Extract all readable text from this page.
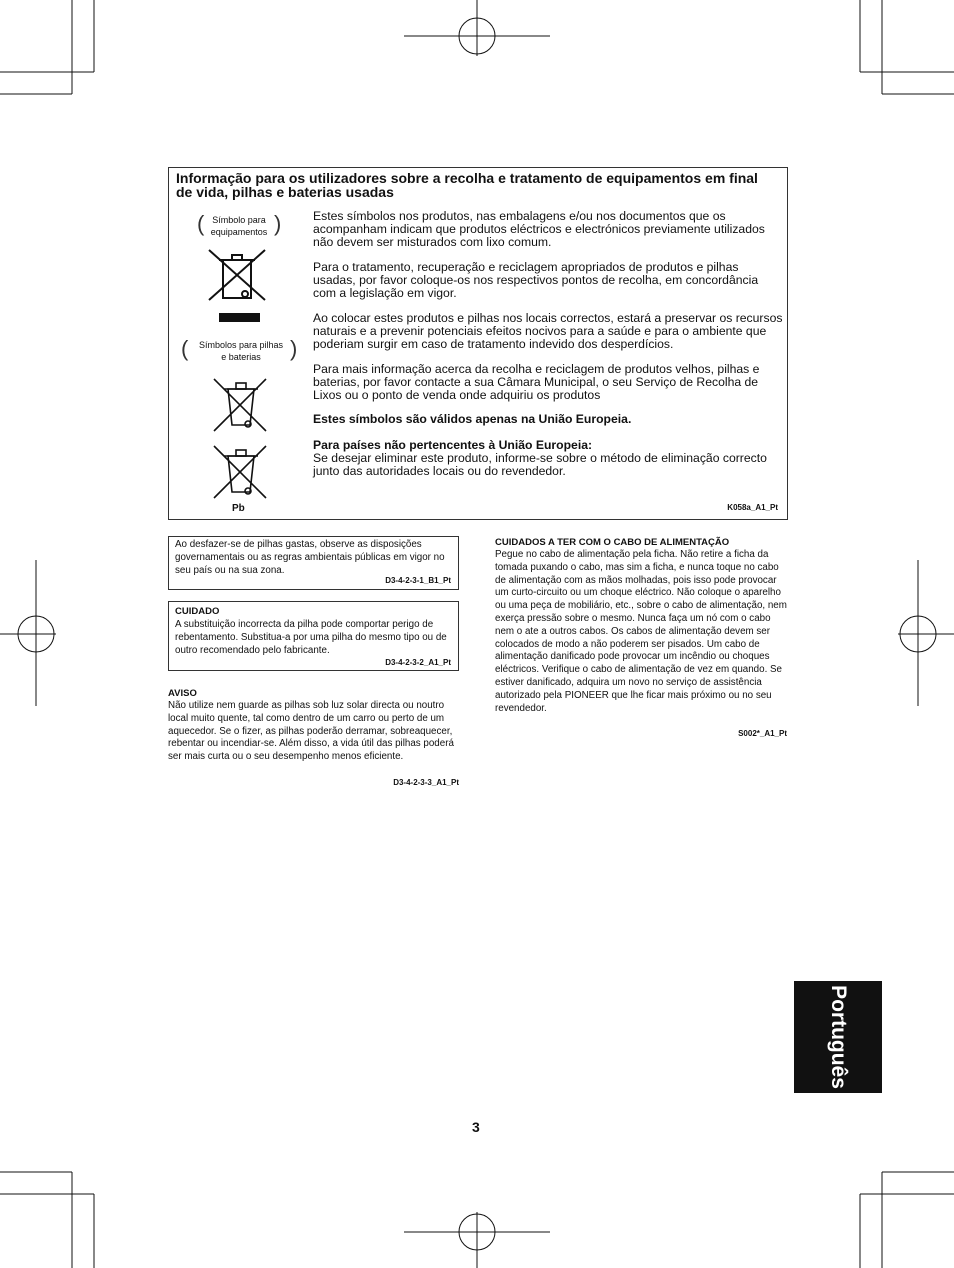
Informação para os utilizadores sobre a recolha e tratamento de equipamentos em final de vida, pilhas e baterias usadas
( Símbolo para equipamentos )
(	Símbolos para pilhas e baterias	)
Pb

Estes símbolos nos produtos, nas embalagens e/ou nos documentos que os acompanham indicam que produtos eléctricos e electrónicos previamente utilizados não devem ser misturados com lixo comum.

Para o tratamento, recuperação e reciclagem apropriados de produtos e pilhas usadas, por favor coloque-os nos respectivos pontos de recolha, em concordância com a legislação em vigor.

Ao colocar estes produtos e pilhas nos locais correctos, estará a preservar os recursos naturais e a prevenir potenciais efeitos nocivos para a saúde e para o ambiente que poderiam surgir em caso de tratamento indevido dos desperdícios.

Para mais informação acerca da recolha e reciclagem de produtos velhos, pilhas e baterias, por favor contacte a sua Câmara Municipal, o seu Serviço de Recolha de Lixos ou o ponto de venda onde adquiriu os produtos

Estes símbolos são válidos apenas na União Europeia.

Para países não pertencentes à União Europeia:

Se desejar eliminar este produto, informe-se sobre o método de eliminação correcto junto das autoridades locais ou do revendedor.

K058a_A1_Pt

Ao desfazer-se de pilhas gastas, observe as disposições governamentais ou as regras ambientais públicas em vigor no seu país ou na sua zona.

D3-4-2-3-1_B1_Pt
CUIDADO

A substituição incorrecta da pilha pode comportar perigo de rebentamento. Substitua-a por uma pilha do mesmo tipo ou de outro recomendado pelo fabricante.

D3-4-2-3-2_A1_Pt
AVISO

Não utilize nem guarde as pilhas sob luz solar directa ou noutro local muito quente, tal como dentro de um carro ou perto de um aquecedor. Se o fizer, as pilhas poderão derramar, sobreaquecer, rebentar ou incendiar-se. Além disso, a vida útil das pilhas poderá ser mais curta ou o seu desempenho menos eficiente.

D3-4-2-3-3_A1_Pt
CUIDADOS A TER COM O CABO DE ALIMENTAÇÃO

Pegue no cabo de alimentação pela ficha. Não retire a ficha da tomada puxando o cabo, mas sim a ficha, e nunca toque no cabo de alimentação com as mãos molhadas, pois isso pode provocar um curto-circuito ou um choque eléctrico. Não coloque o aparelho ou uma peça de mobiliário, etc., sobre o cabo de alimentação, nem exerça pressão sobre o mesmo. Nunca faça um nó com o cabo nem o ate a outros cabos. Os cabos de alimentação devem ser colocados de modo a não poderem ser pisados. Um cabo de alimentação danificado pode provocar um incêndio ou choques eléctricos. Verifique o cabo de alimentação de vez em quando. Se estiver danificado, adquira um novo no serviço de assistência autorizado pela PIONEER que lhe ficar mais próximo ou no seu revendedor.

S002*_A1_Pt
Português
3
